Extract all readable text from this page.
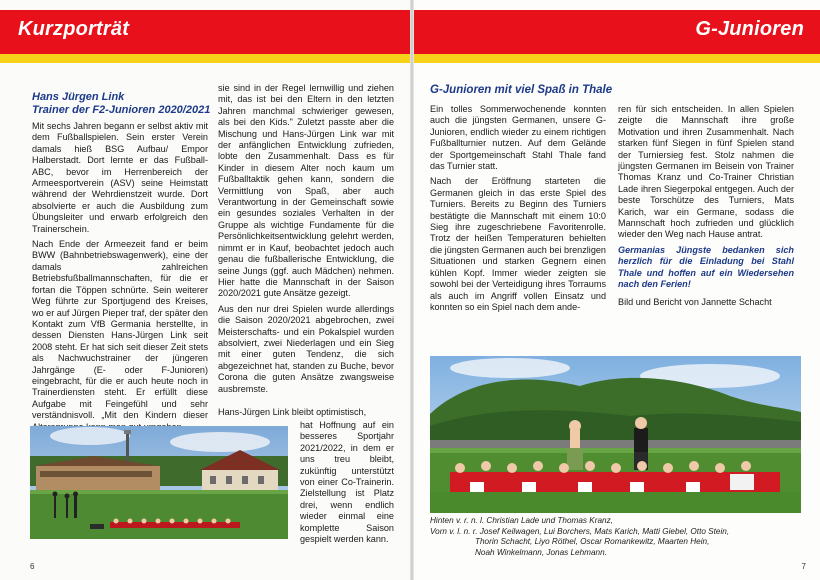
Kurzporträt
Hans Jürgen Link
Trainer der F2-Junioren 2020/2021

Mit sechs Jahren begann er selbst aktiv mit dem Fußballspielen. Sein erster Verein damals hieß BSG Aufbau/ Empor Halberstadt. Dort lernte er das Fußball-ABC, bevor im Herrenbereich der Armeesportverein (ASV) seine Heimstatt während der Wehrdienstzeit wurde. Dort absolvierte er auch die Ausbildung zum Übungsleiter und erwarb erfolgreich den Trainerschein.

Nach Ende der Armeezeit fand er beim BWW (Bahnbetriebswagenwerk), eine der damals zahlreichen Betriebsfußballmannschaften, für die er fortan die Töppen schnürte. Sein weiterer Weg führte zur Sportjugend des Kreises, wo er auf Jürgen Pieper traf, der später den Kontakt zum VfB Germania herstellte, in dessen Diensten Hans-Jürgen Link seit 2008 steht. Er hat sich seit dieser Zeit stets als Nachwuchstrainer der jüngeren Jahrgänge (E- oder F-Junioren) eingebracht, für die er auch heute noch in Trainerdiensten steht. Er erfüllt diese Aufgabe mit Feingefühl und sehr verständnisvoll. „Mit den Kindern dieser

sie sind in der Regel lernwillig und ziehen mit, das ist bei den Eltern in den letzten Jahren manchmal schwieriger gewesen, als bei den Kids." Zuletzt passte aber die Mischung und Hans-Jürgen Link war mit der anfänglichen Entwicklung zufrieden, lobte den Zusammenhalt. Dass es für Kinder in diesem Alter noch kaum um Fußballtaktik gehen kann, sondern die Vermittlung von Spaß, aber auch Verantwortung in der Gemeinschaft sowie ein gesundes soziales Verhalten in der Gruppe als wichtige Fundamente für die Persönlichkeitsentwicklung gelehrt werden, nimmt er in Kauf, beobachtet jedoch auch genau die fußballerische Entwicklung, die seine Jungs (ggf. auch Mädchen) nehmen. Hier hatte die Mannschaft in der Saison 2020/2021 gute Ansätze gezeigt.

Aus den nur drei Spielen wurde allerdings die Saison 2020/2021 abgebrochen, zwei Meisterschafts- und ein Pokalspiel wurden absolviert, zwei Niederlagen und ein Sieg mit einer guten Tendenz, die sich abgezeichnet hat, standen zu Buche, bevor Corona die guten Ansätze zwangsweise ausbremste.

Hans-Jürgen Link bleibt optimistisch,
hat Hoffnung auf ein besseres Sportjahr 2021/2022, in dem er uns treu bleibt, zukünftig unterstützt von einer Co-Trainerin. Zielstellung ist Platz drei, wenn endlich wieder einmal eine komplette Saison gespielt werden kann.
6
G-Junioren

Ein tolles Sommerwochenende konnten auch die jüngsten Germanen, unsere G-Junioren, endlich wieder zu einem richtigen Fußballturnier nutzen. Auf dem Gelände der Sportgemeinschaft Stahl Thale fand das Turnier statt.

Nach der Eröffnung starteten die Germanen gleich in das erste Spiel des Turniers. Bereits zu Beginn des Turniers bestätigte die Mannschaft mit einem 10:0 Sieg ihre zugeschriebene Favoritenrolle. Trotz der heißen Temperaturen behielten die jüngsten Germanen auch bei brenzligen Situationen und starken Gegnern einen kühlen Kopf. Immer wieder zeigten sie sowohl bei der Verteidigung ihres Torraums als auch im Angriff vollen Einsatz und konnten so ein Spiel nach dem ande-

ren für sich entscheiden. In allen Spielen zeigte die Mannschaft ihre große Motivation und ihren Zusammenhalt. Nach starken fünf Siegen in fünf Spielen stand der Turniersieg fest. Stolz nahmen die jüngsten Germanen im Beisein von Trainer Thomas Kranz und Co-Trainer Christian Lade ihren Siegerpokal entgegen. Auch der beste Torschütze des Turniers, Mats Karich, war ein Germane, sodass die Mannschaft hoch zufrieden und glücklich wieder den Weg nach Hause antrat.

Germanias Jüngste bedanken sich herzlich für die Einladung bei Stahl Thale und hoffen auf ein Wiedersehen nach den Ferien!

Bild und Bericht von Jannette Schacht

Hinten v. r. n. l. Christian Lade und Thomas Kranz,
Vorn v. l. n. r. Josef Keilwagen, Lui Borchers, Mats Karich, Matti Giebel, Otto Stein,
Thorin Schacht, Liyo Röthel, Oscar Romankewitz, Maarten Hein,
Noah Winkelmann, Jonas Lehmann.
7
G-Junioren mit viel Spaß in Thale
